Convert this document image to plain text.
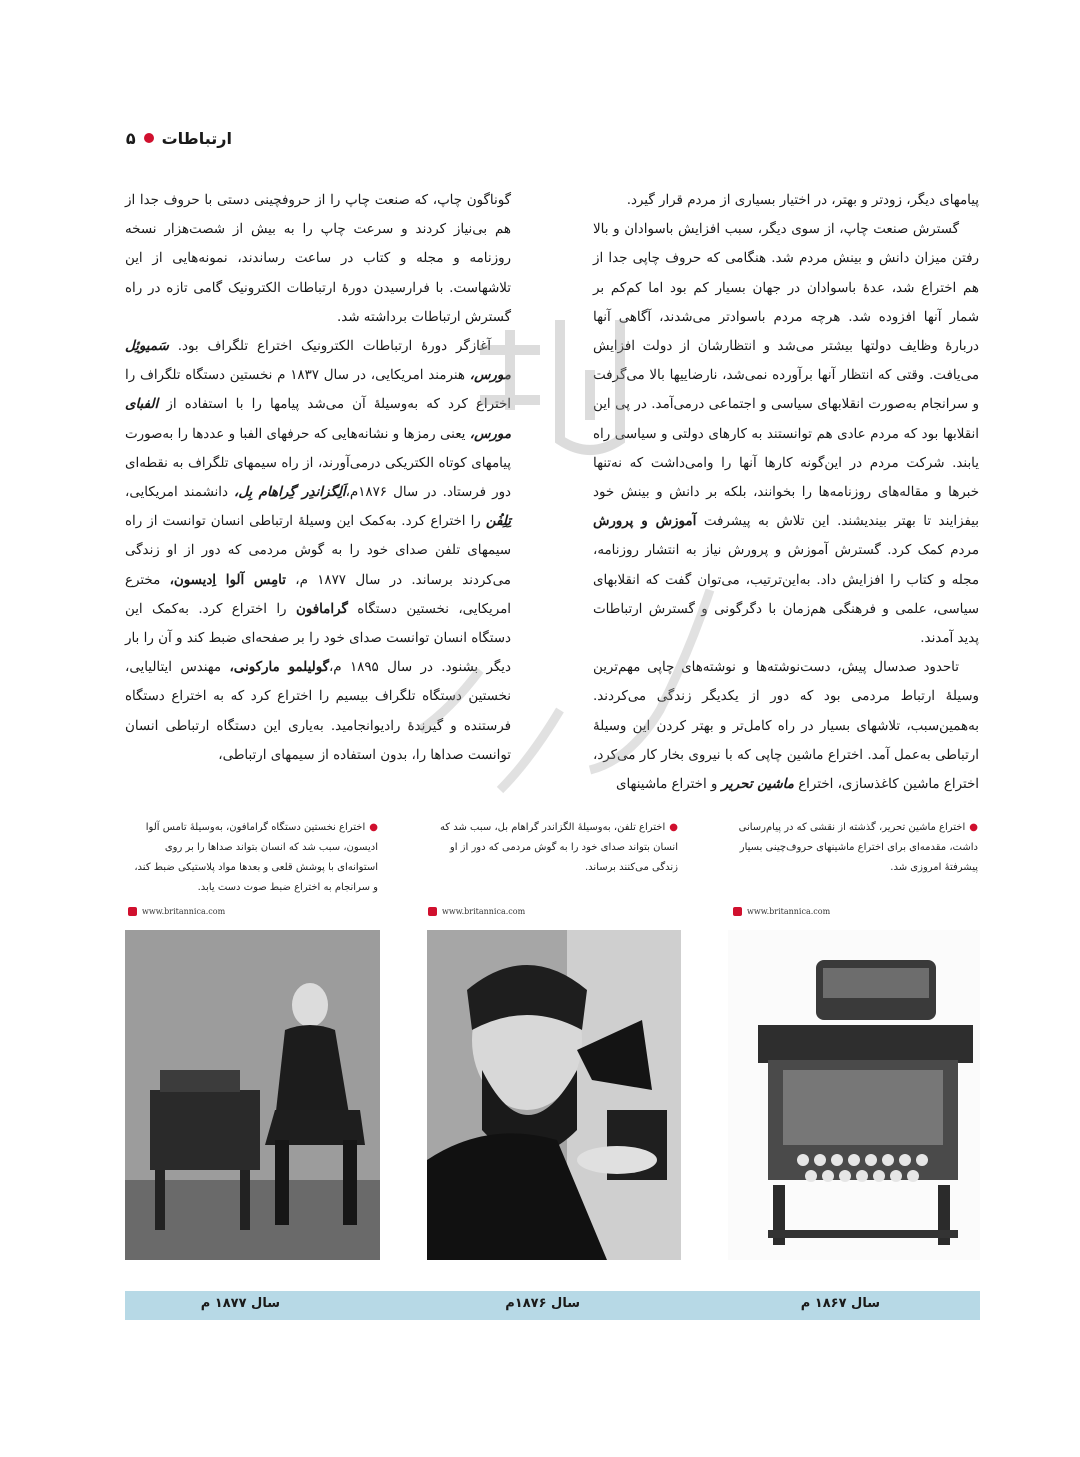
ارتباطات
۵

پیامهای دیگر، زودتر و بهتر، در اختیار بسیاری از مردم قرار گیرد.

گسترش صنعت چاپ، از سوی دیگر، سبب افزایش باسوادان و بالا رفتن میزان دانش و بینش مردم شد. هنگامی که حروف چاپی جدا از هم اختراع شد، عدهٔ باسوادان در جهان بسیار کم بود اما کم‌کم بر شمار آنها افزوده شد. هرچه مردم باسوادتر می‌شدند، آگاهی آنها دربارهٔ وظایف دولتها بیشتر می‌شد و انتظارشان از دولت افزایش می‌یافت. وقتی که انتظار آنها برآورده نمی‌شد، نارضاییها بالا می‌گرفت و سرانجام به‌صورت انقلابهای سیاسی و اجتماعی درمی‌آمد. در پی این انقلابها بود که مردم عادی هم توانستند به کارهای دولتی و سیاسی راه یابند. شرکت مردم در این‌گونه کارها آنها را وامی‌داشت که نه‌تنها خبرها و مقاله‌های روزنامه‌ها را بخوانند، بلکه بر دانش و بینش خود بیفزایند تا بهتر بیندیشند. این تلاش به پیشرفت آموزش و پرورش مردم کمک کرد. گسترش آموزش و پرورش نیاز به انتشار روزنامه، مجله و کتاب را افزایش داد. به‌این‌ترتیب، می‌توان گفت که انقلابهای سیاسی، علمی و فرهنگی هم‌زمان با دگرگونی و گسترش ارتباطات پدید آمدند.

تاحدود صدسال پیش، دست‌نوشته‌ها و نوشته‌های چاپی مهم‌ترین وسیلهٔ ارتباط مردمی بود که دور از یکدیگر زندگی می‌کردند. به‌همین‌سبب، تلاشهای بسیار در راه کامل‌تر و بهتر کردن این وسیلهٔ ارتباطی به‌عمل آمد. اختراع ماشین چاپی که با نیروی بخار کار می‌کرد، اختراع ماشین کاغذسازی، اختراع ماشین تحریر و اختراع ماشینهای

گوناگون چاپ، که صنعت چاپ را از حروفچینی دستی با حروف جدا از هم بی‌نیاز کردند و سرعت چاپ را به بیش از شصت‌هزار نسخه روزنامه و مجله و کتاب در ساعت رساندند، نمونه‌هایی از این تلاشهاست. با فرارسیدن دورهٔ ارتباطات الکترونیک گامی تازه در راه گسترش ارتباطات برداشته شد.

آغازگر دورهٔ ارتباطات الکترونیک اختراع تلگراف بود. سَمیوئِل مورس، هنرمند امریکایی، در سال ۱۸۳۷ م نخستین دستگاه تلگراف را اختراع کرد که به‌وسیلهٔ آن می‌شد پیامها را با استفاده از الفبای مورس، یعنی رمزها و نشانه‌هایی که حرفهای الفبا و عددها را به‌صورت پیامهای کوتاه الکتریکی درمی‌آورند، از راه سیمهای تلگراف به نقطه‌ای دور فرستاد. در سال ۱۸۷۶م،اَلِگزاندِر گِراهام بِل، دانشمند امریکایی، تِلِفُن را اختراع کرد. به‌کمک این وسیلهٔ ارتباطی انسان توانست از راه سیمهای تلفن صدای خود را به گوش مردمی که دور از او زندگی می‌کردند برساند. در سال ۱۸۷۷ م، تامِس آلوا اِدیسون، مخترع امریکایی، نخستین دستگاه گرامافون را اختراع کرد. به‌کمک این دستگاه انسان توانست صدای خود را بر صفحه‌ای ضبط کند و آن را بار دیگر بشنود. در سال ۱۸۹۵ م،گولیلمو مارکونی، مهندس ایتالیایی، نخستین دستگاه تلگراف بیسیم را اختراع کرد که به اختراع دستگاه فرستنده و گیرندهٔ رادیوانجامید. به‌یاری این دستگاه ارتباطی انسان توانست صداها را، بدون استفاده از سیمهای ارتباطی،

●اختراع ماشین تحریر، گذشته از نقشی که در پیام‌رسانی داشت، مقدمه‌ای برای اختراع ماشینهای حروف‌چینی بسیار پیشرفتهٔ امروزی شد.
●اختراع تلفن، به‌وسیلهٔ الگزاندر گراهام بل، سبب شد که انسان بتواند صدای خود را به گوش مردمی که دور از او زندگی می‌کنند برساند.
●اختراع نخستین دستگاه گرامافون، به‌وسیلهٔ تامس آلوا ادیسون، سبب شد که انسان بتواند صداها را بر روی استوانه‌ای با پوشش قلعی و بعدها مواد پلاستیکی ضبط کند، و سرانجام به اختراع ضبط صوت دست یابد.
www.britannica.com
www.britannica.com
www.britannica.com
سال ۱۸۶۷ م
سال ۱۸۷۶م
سال ۱۸۷۷ م
